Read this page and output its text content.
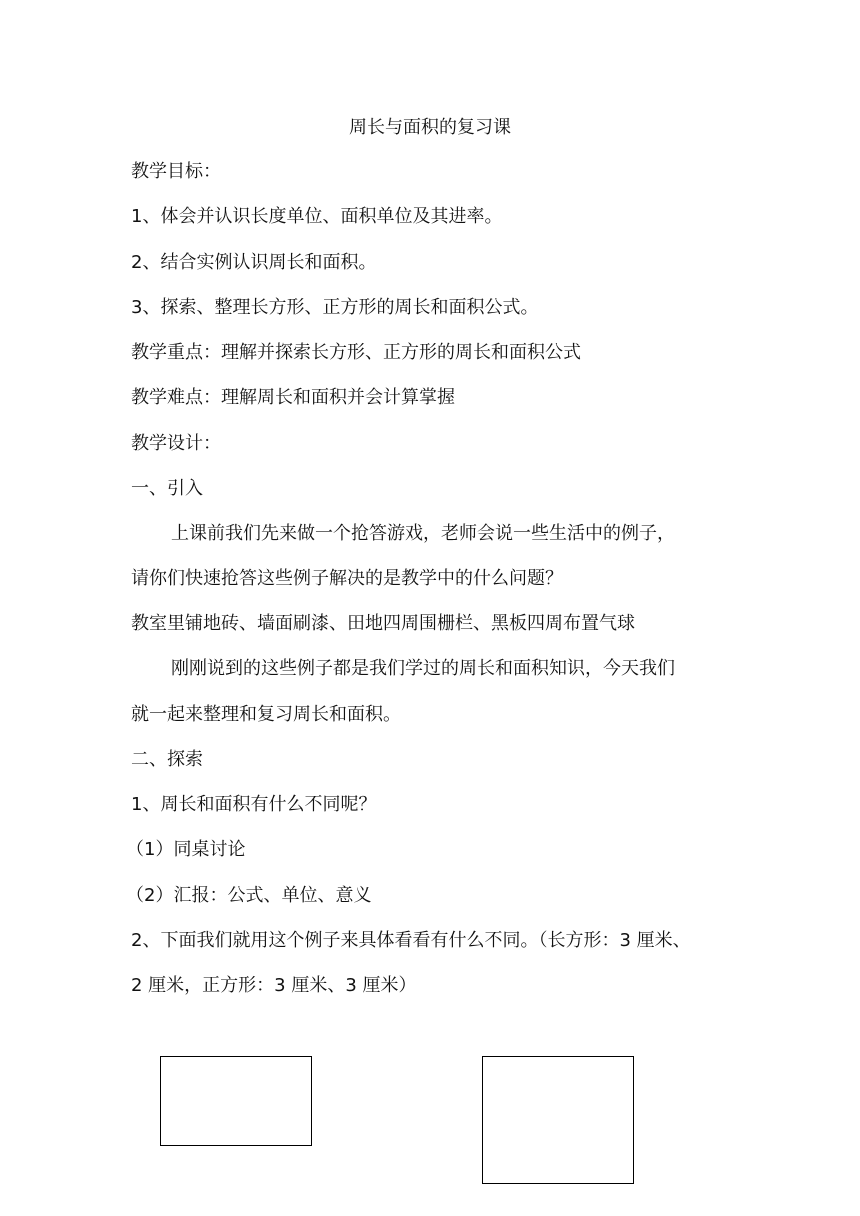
周长与面积的复习课
教学目标：
1、体会并认识长度单位、面积单位及其进率。
2、结合实例认识周长和面积。
3、探索、整理长方形、正方形的周长和面积公式。
教学重点：理解并探索长方形、正方形的周长和面积公式
教学难点：理解周长和面积并会计算掌握
教学设计：
一、引入
上课前我们先来做一个抢答游戏，老师会说一些生活中的例子，
请你们快速抢答这些例子解决的是教学中的什么问题？
教室里铺地砖、墙面刷漆、田地四周围栅栏、黑板四周布置气球
刚刚说到的这些例子都是我们学过的周长和面积知识，今天我们
就一起来整理和复习周长和面积。
二、探索
1、周长和面积有什么不同呢？
（1）同桌讨论
（2）汇报：公式、单位、意义
2、下面我们就用这个例子来具体看看有什么不同。（长方形：3 厘米、
2 厘米，正方形：3 厘米、3 厘米）
